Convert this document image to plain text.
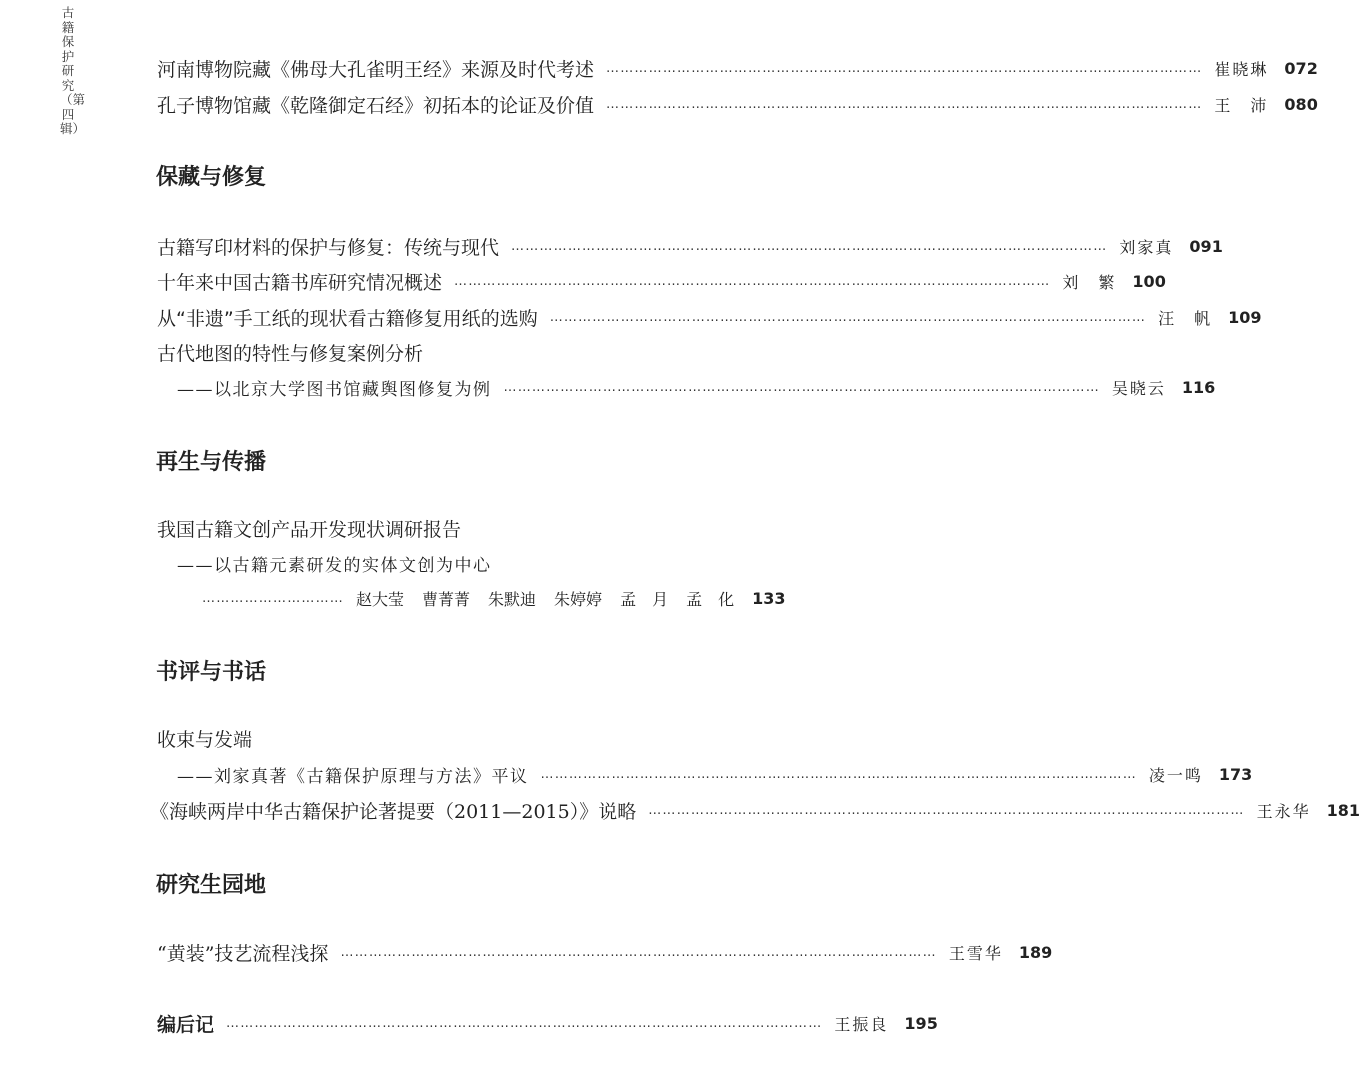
古籍保护研究（第四辑）
河南博物院藏《佛母大孔雀明王经》来源及时代考述 ……………………………………………………………………………………………………………… 崔晓琳 072
孔子博物馆藏《乾隆御定石经》初拓本的论证及价值 ……………………………………………………………………………………………………………… 王　沛 080
保藏与修复
古籍写印材料的保护与修复：传统与现代 ……………………………………………………………………………………………………………… 刘家真 091
十年来中国古籍书库研究情况概述 ……………………………………………………………………………………………………………… 刘　繁 100
从“非遗”手工纸的现状看古籍修复用纸的选购 ……………………………………………………………………………………………………………… 汪　帆 109
古代地图的特性与修复案例分析
——以北京大学图书馆藏舆图修复为例 ……………………………………………………………………………………………………………… 吴晓云 116
再生与传播
我国古籍文创产品开发现状调研报告
——以古籍元素研发的实体文创为中心
………………………… 赵大莹 曹菁菁 朱默迪 朱婷婷 孟　月 孟　化 133
书评与书话
收束与发端
——刘家真著《古籍保护原理与方法》平议 ……………………………………………………………………………………………………………… 凌一鸣 173
《海峡两岸中华古籍保护论著提要（2011—2015）》说略 ……………………………………………………………………………………………………………… 王永华 181
研究生园地
“黄装”技艺流程浅探 ……………………………………………………………………………………………………………… 王雪华 189
编后记 ……………………………………………………………………………………………………………… 王振良 195
